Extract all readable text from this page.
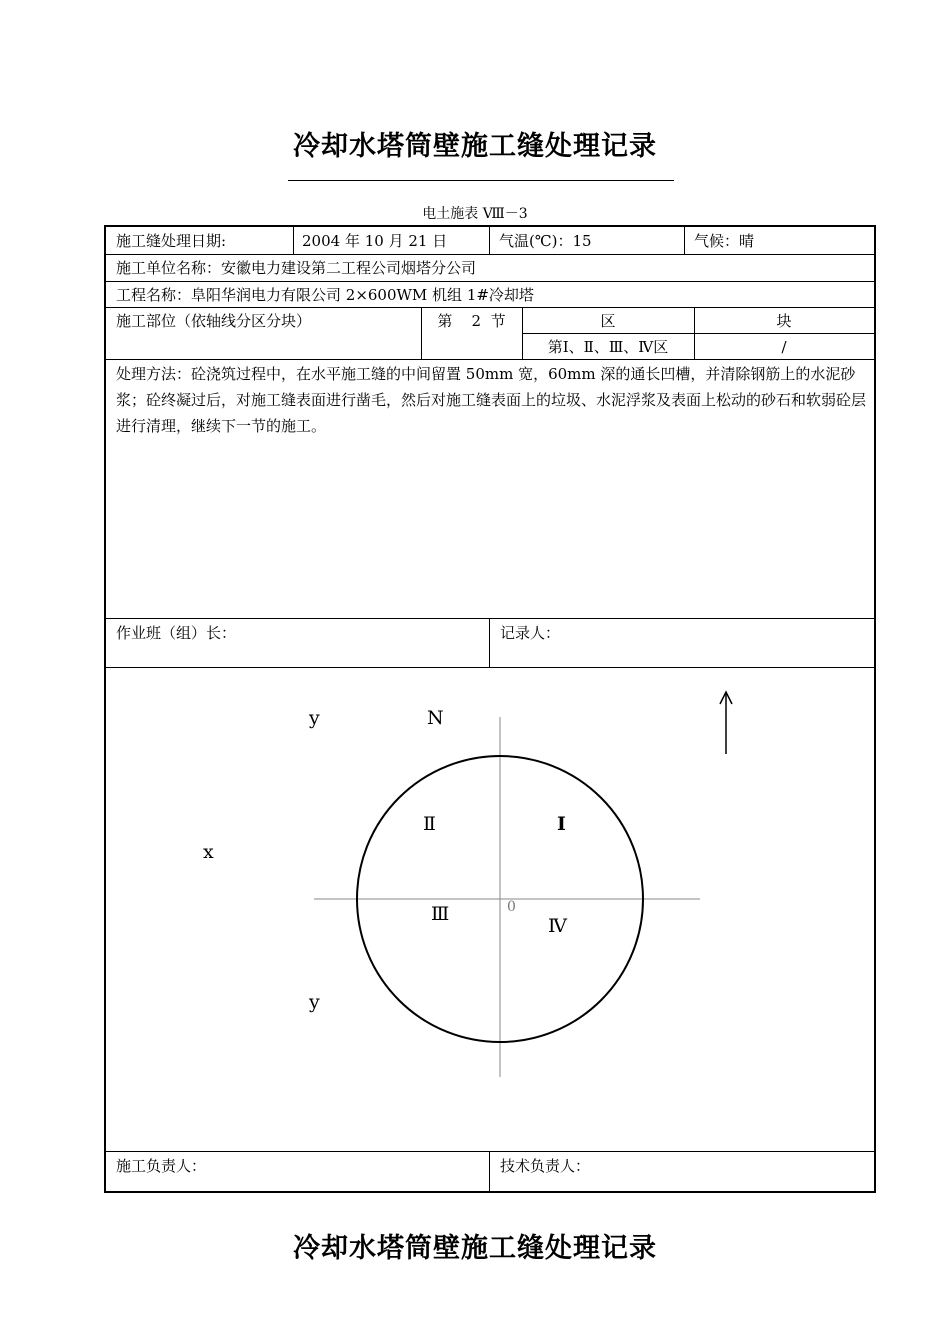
冷却水塔筒壁施工缝处理记录
电土施表 Ⅷ－3
施工缝处理日期:	2004 年 10 月 21 日	气温(℃)：15	气候：晴
施工单位名称：安徽电力建设第二工程公司烟塔分公司
工程名称：阜阳华润电力有限公司 2×600WM 机组 1#冷却塔
施工部位（依轴线分区分块）	第    2  节	区	块
第Ⅰ、Ⅱ、Ⅲ、Ⅳ区	/
处理方法：砼浇筑过程中，在水平施工缝的中间留置 50mm 宽，60mm 深的通长凹槽，并清除钢筋上的水泥砂浆；砼终凝过后，对施工缝表面进行凿毛，然后对施工缝表面上的垃圾、水泥浮浆及表面上松动的砂石和软弱砼层进行清理，继续下一节的施工。
作业班（组）长：	记录人：
y	N
x
y
Ⅰ
Ⅱ
Ⅲ
Ⅳ
0
施工负责人：	技术负责人：
冷却水塔筒壁施工缝处理记录
